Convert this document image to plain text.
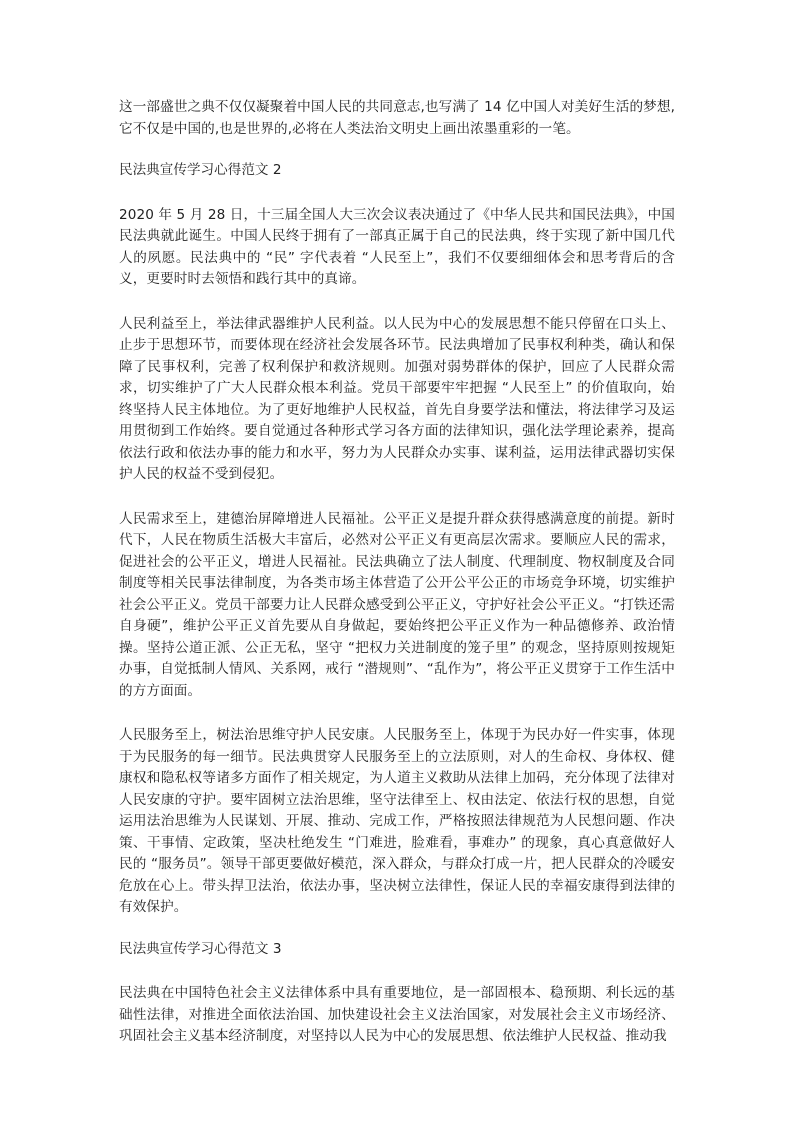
这一部盛世之典不仅仅凝聚着中国人民的共同意志,也写满了 14 亿中国人对美好生活的梦想,它不仅是中国的,也是世界的,必将在人类法治文明史上画出浓墨重彩的一笔。

民法典宣传学习心得范文 2

2020 年 5 月 28 日，十三届全国人大三次会议表决通过了《中华人民共和国民法典》，中国民法典就此诞生。中国人民终于拥有了一部真正属于自己的民法典，终于实现了新中国几代人的夙愿。民法典中的 “民” 字代表着 “人民至上”，我们不仅要细细体会和思考背后的含义，更要时时去领悟和践行其中的真谛。

人民利益至上，举法律武器维护人民利益。以人民为中心的发展思想不能只停留在口头上、止步于思想环节，而要体现在经济社会发展各环节。民法典增加了民事权利种类，确认和保障了民事权利，完善了权利保护和救济规则。加强对弱势群体的保护，回应了人民群众需求，切实维护了广大人民群众根本利益。党员干部要牢牢把握 “人民至上” 的价值取向，始终坚持人民主体地位。为了更好地维护人民权益，首先自身要学法和懂法，将法律学习及运用贯彻到工作始终。要自觉通过各种形式学习各方面的法律知识，强化法学理论素养，提高依法行政和依法办事的能力和水平，努力为人民群众办实事、谋利益，运用法律武器切实保护人民的权益不受到侵犯。

人民需求至上，建德治屏障增进人民福祉。公平正义是提升群众获得感满意度的前提。新时代下，人民在物质生活极大丰富后，必然对公平正义有更高层次需求。要顺应人民的需求，促进社会的公平正义，增进人民福祉。民法典确立了法人制度、代理制度、物权制度及合同制度等相关民事法律制度，为各类市场主体营造了公开公平公正的市场竞争环境，切实维护社会公平正义。党员干部要力让人民群众感受到公平正义，守护好社会公平正义。“打铁还需自身硬”，维护公平正义首先要从自身做起，要始终把公平正义作为一种品德修养、政治情操。坚持公道正派、公正无私，坚守 “把权力关进制度的笼子里” 的观念，坚持原则按规矩办事，自觉抵制人情风、关系网，戒行 “潜规则”、“乱作为”，将公平正义贯穿于工作生活中的方方面面。

人民服务至上，树法治思维守护人民安康。人民服务至上，体现于为民办好一件实事，体现于为民服务的每一细节。民法典贯穿人民服务至上的立法原则，对人的生命权、身体权、健康权和隐私权等诸多方面作了相关规定，为人道主义救助从法律上加码，充分体现了法律对人民安康的守护。要牢固树立法治思维，坚守法律至上、权由法定、依法行权的思想，自觉运用法治思维为人民谋划、开展、推动、完成工作，严格按照法律规范为人民想问题、作决策、干事情、定政策，坚决杜绝发生 “门难进，脸难看，事难办” 的现象，真心真意做好人民的 “服务员”。领导干部更要做好模范，深入群众，与群众打成一片，把人民群众的冷暖安危放在心上。带头捍卫法治，依法办事，坚决树立法律性，保证人民的幸福安康得到法律的有效保护。

民法典宣传学习心得范文 3

民法典在中国特色社会主义法律体系中具有重要地位，是一部固根本、稳预期、利长远的基础性法律，对推进全面依法治国、加快建设社会主义法治国家，对发展社会主义市场经济、巩固社会主义基本经济制度，对坚持以人民为中心的发展思想、依法维护人民权益、推动我
